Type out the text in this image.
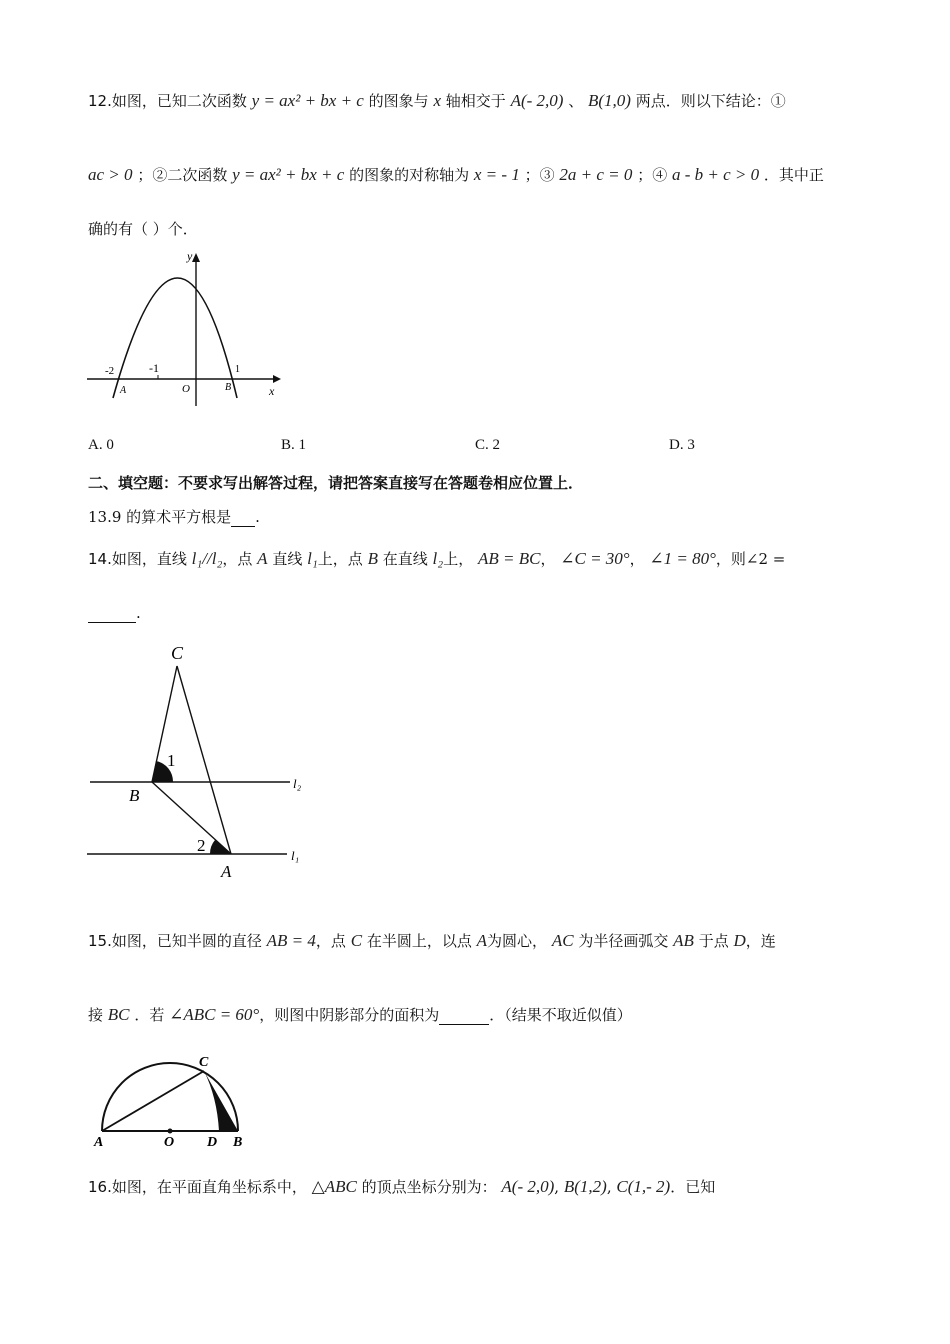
12.如图，已知二次函数 y = ax² + bx + c 的图象与 x 轴相交于 A(- 2,0) 、 B(1,0) 两点．则以下结论：①
ac > 0 ；②二次函数 y = ax² + bx + c 的图象的对称轴为 x = - 1 ；③ 2a + c = 0 ；④ a - b + c > 0 ．其中正
确的有（ ）个．
y
x
O
A	B
-2	-1	1
A. 0	B. 1	C. 2	D. 3
二、填空题：不要求写出解答过程，请把答案直接写在答题卷相应位置上．
13.9 的算术平方根是 .
14.如图，直线 l₁//l₂，点 A 直线 l₁上，点 B 在直线 l₂上， AB = BC， ∠C = 30°， ∠1 = 80°，则∠2 =
.
C
B
A
1
2
l₂
l₁
15.如图，已知半圆的直径 AB = 4，点 C 在半圆上，以点 A为圆心， AC 为半径画弧交 AB 于点 D，连
接 BC ．若 ∠ABC = 60°，则图中阴影部分的面积为	．（结果不取近似值）
A	O D B
C
16.如图，在平面直角坐标系中， △ABC 的顶点坐标分别为： A(- 2,0), B(1,2), C(1,- 2)．已知
